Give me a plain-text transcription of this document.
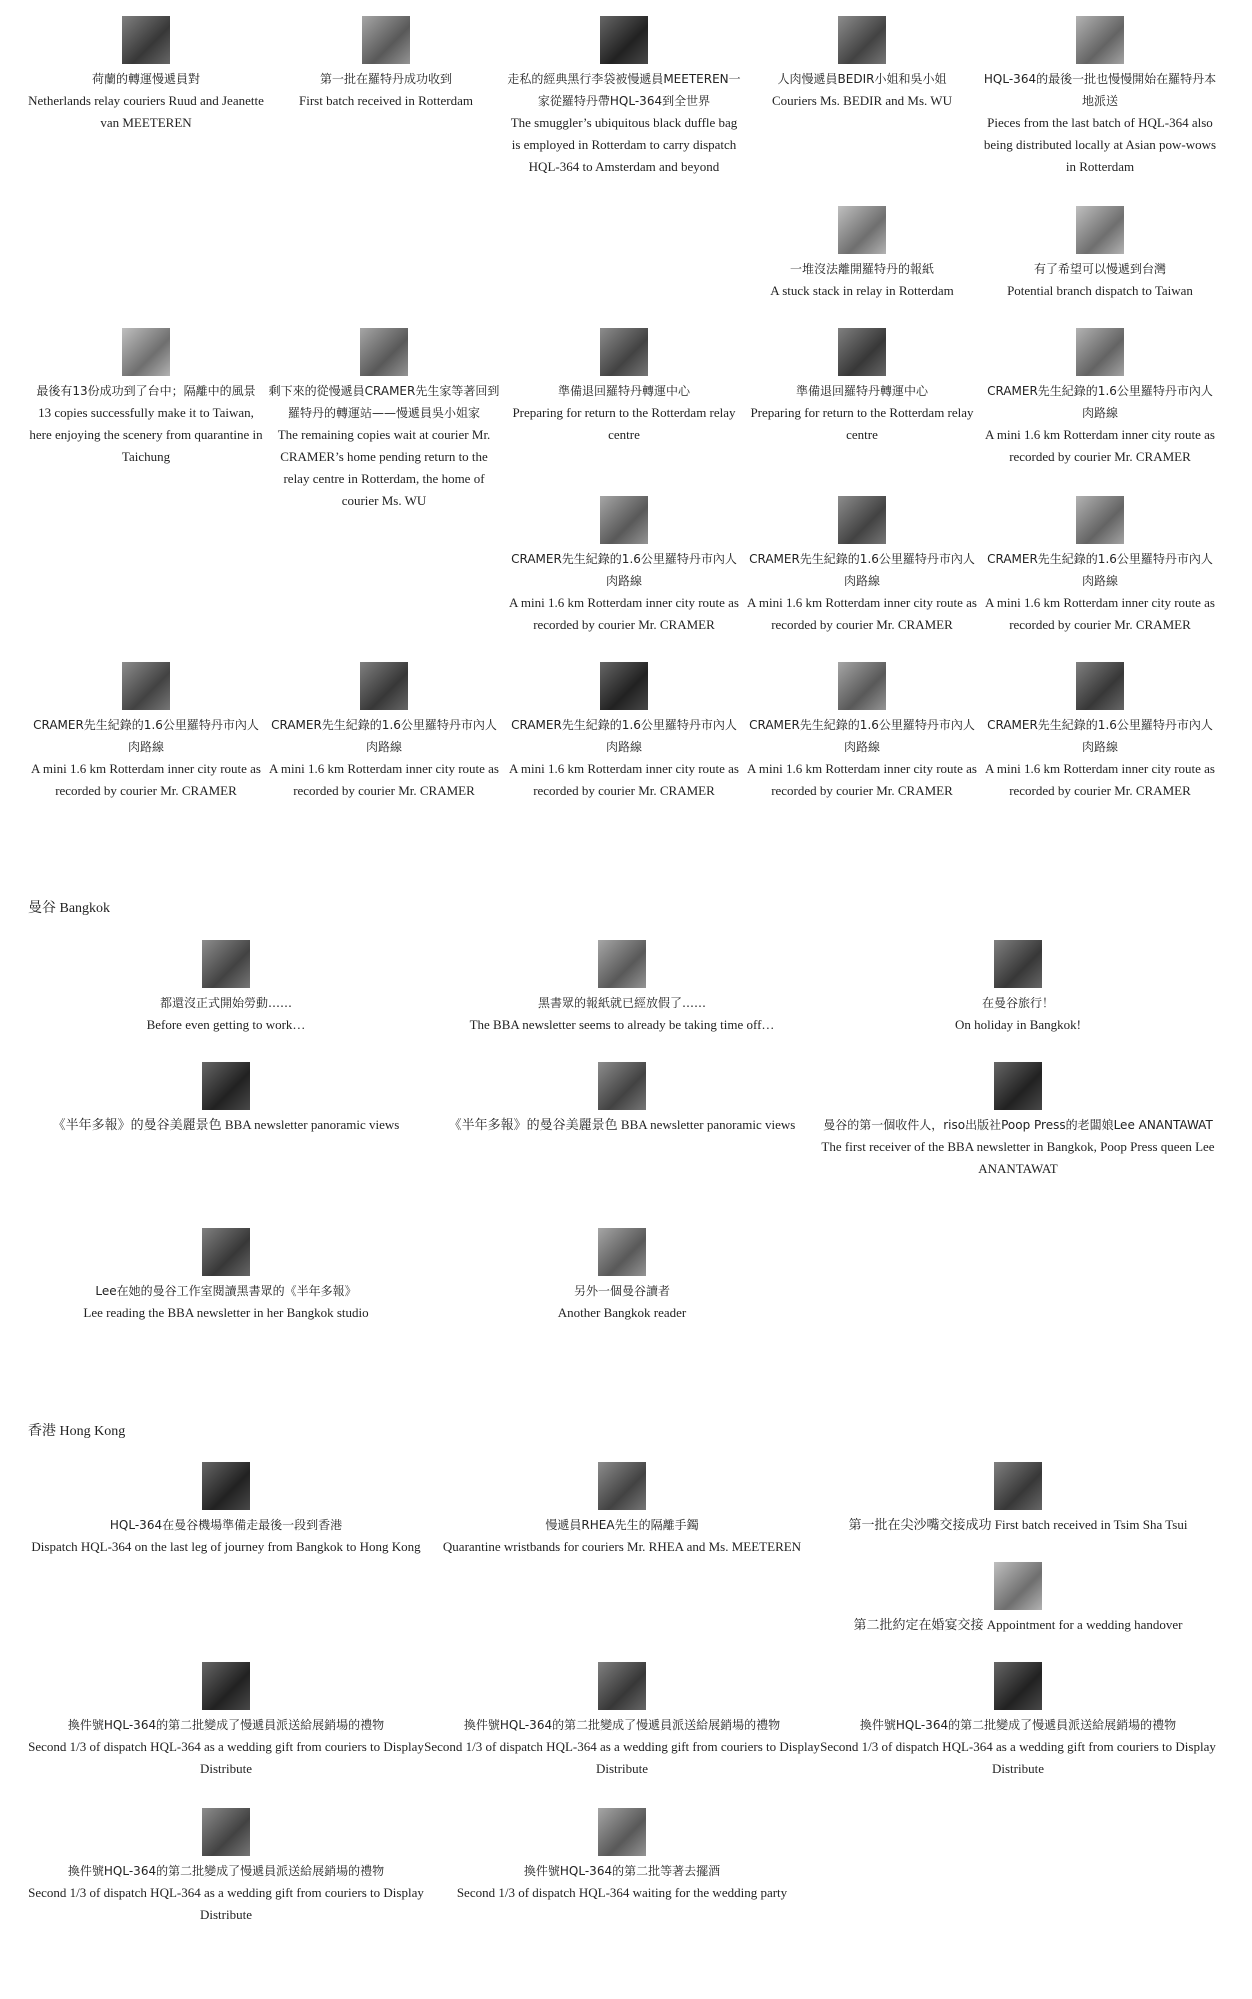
荷蘭的轉運慢遞員對
Netherlands relay couriers Ruud and Jeanette van MEETEREN
第一批在羅特丹成功收到
First batch received in Rotterdam
走私的經典黑行李袋被慢遞員MEETEREN一家從羅特丹帶HQL-364到全世界
The smuggler’s ubiquitous black duffle bag is employed in Rotterdam to carry dispatch HQL-364 to Amsterdam and beyond
人肉慢遞員BEDIR小姐和吳小姐
Couriers Ms. BEDIR and Ms. WU
HQL-364的最後一批也慢慢開始在羅特丹本地派送
Pieces from the last batch of HQL-364 also being distributed locally at Asian pow-wows in Rotterdam
一堆沒法離開羅特丹的報紙
A stuck stack in relay in Rotterdam
有了希望可以慢遞到台灣
Potential branch dispatch to Taiwan
最後有13份成功到了台中；隔離中的風景
13 copies successfully make it to Taiwan, here enjoying the scenery from quarantine in Taichung
剩下來的從慢遞員CRAMER先生家等著回到羅特丹的轉運站——慢遞員吳小姐家
The remaining copies wait at courier Mr. CRAMER’s home pending return to the relay centre in Rotterdam, the home of courier Ms. WU
準備退回羅特丹轉運中心
Preparing for return to the Rotterdam relay centre
準備退回羅特丹轉運中心
Preparing for return to the Rotterdam relay centre
CRAMER先生紀錄的1.6公里羅特丹市內人肉路線
A mini 1.6 km Rotterdam inner city route as recorded by courier Mr. CRAMER
CRAMER先生紀錄的1.6公里羅特丹市內人肉路線
A mini 1.6 km Rotterdam inner city route as recorded by courier Mr. CRAMER
CRAMER先生紀錄的1.6公里羅特丹市內人肉路線
A mini 1.6 km Rotterdam inner city route as recorded by courier Mr. CRAMER
CRAMER先生紀錄的1.6公里羅特丹市內人肉路線
A mini 1.6 km Rotterdam inner city route as recorded by courier Mr. CRAMER
CRAMER先生紀錄的1.6公里羅特丹市內人肉路線
A mini 1.6 km Rotterdam inner city route as recorded by courier Mr. CRAMER
CRAMER先生紀錄的1.6公里羅特丹市內人肉路線
A mini 1.6 km Rotterdam inner city route as recorded by courier Mr. CRAMER
CRAMER先生紀錄的1.6公里羅特丹市內人肉路線
A mini 1.6 km Rotterdam inner city route as recorded by courier Mr. CRAMER
CRAMER先生紀錄的1.6公里羅特丹市內人肉路線
A mini 1.6 km Rotterdam inner city route as recorded by courier Mr. CRAMER
CRAMER先生紀錄的1.6公里羅特丹市內人肉路線
A mini 1.6 km Rotterdam inner city route as recorded by courier Mr. CRAMER
曼谷 Bangkok
都還沒正式開始勞動……
Before even getting to work…
黑書眾的報紙就已經放假了……
The BBA newsletter seems to already be taking time off…
在曼谷旅行！
On holiday in Bangkok!
《半年多報》的曼谷美麗景色 BBA newsletter panoramic views	《半年多報》的曼谷美麗景色 BBA newsletter panoramic views	曼谷的第一個收件人，riso出版社Poop Press的老闆娘Lee ANANTAWAT
The first receiver of the BBA newsletter in Bangkok, Poop Press queen Lee ANANTAWAT
Lee在她的曼谷工作室閱讀黑書眾的《半年多報》
Lee reading the BBA newsletter in her Bangkok studio
另外一個曼谷讀者
Another Bangkok reader
香港 Hong Kong
HQL-364在曼谷機場準備走最後一段到香港
Dispatch HQL-364 on the last leg of journey from Bangkok to Hong Kong
慢遞員RHEA先生的隔離手鐲
Quarantine wristbands for couriers Mr. RHEA and Ms. MEETEREN
第一批在尖沙嘴交接成功 First batch received in Tsim Sha Tsui
第二批約定在婚宴交接 Appointment for a wedding handover
換件號HQL-364的第二批變成了慢遞員派送給展銷場的禮物
Second 1/3 of dispatch HQL-364 as a wedding gift from couriers to Display Distribute
換件號HQL-364的第二批變成了慢遞員派送給展銷場的禮物
Second 1/3 of dispatch HQL-364 as a wedding gift from couriers to Display Distribute
換件號HQL-364的第二批變成了慢遞員派送給展銷場的禮物
Second 1/3 of dispatch HQL-364 as a wedding gift from couriers to Display Distribute
換件號HQL-364的第二批變成了慢遞員派送給展銷場的禮物
Second 1/3 of dispatch HQL-364 as a wedding gift from couriers to Display Distribute
換件號HQL-364的第二批等著去擺酒
Second 1/3 of dispatch HQL-364 waiting for the wedding party
